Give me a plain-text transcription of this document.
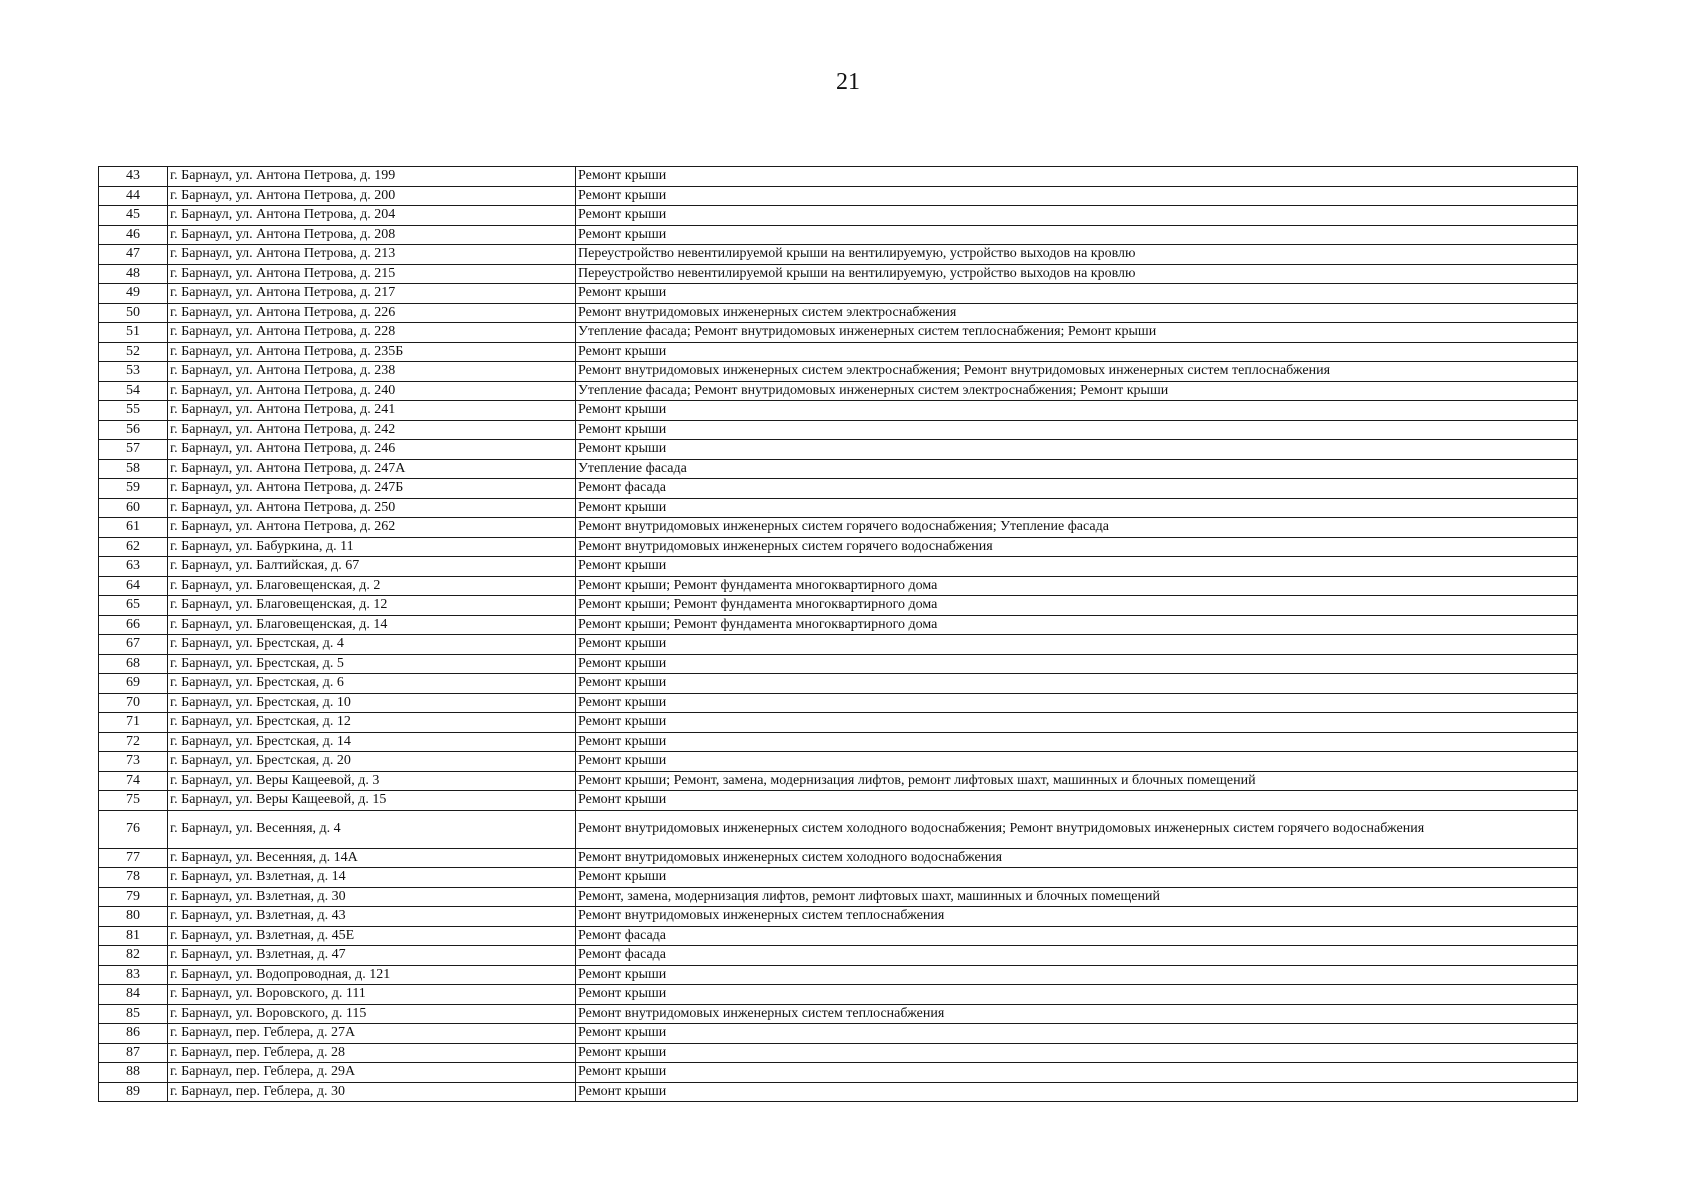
21
43	г. Барнаул, ул. Антона Петрова, д. 199	Ремонт крыши
44	г. Барнаул, ул. Антона Петрова, д. 200	Ремонт крыши
45	г. Барнаул, ул. Антона Петрова, д. 204	Ремонт крыши
46	г. Барнаул, ул. Антона Петрова, д. 208	Ремонт крыши
47	г. Барнаул, ул. Антона Петрова, д. 213	Переустройство невентилируемой крыши на вентилируемую, устройство выходов на кровлю
48	г. Барнаул, ул. Антона Петрова, д. 215	Переустройство невентилируемой крыши на вентилируемую, устройство выходов на кровлю
49	г. Барнаул, ул. Антона Петрова, д. 217	Ремонт крыши
50	г. Барнаул, ул. Антона Петрова, д. 226	Ремонт внутридомовых инженерных систем электроснабжения
51	г. Барнаул, ул. Антона Петрова, д. 228	Утепление фасада; Ремонт внутридомовых инженерных систем теплоснабжения; Ремонт крыши
52	г. Барнаул, ул. Антона Петрова, д. 235Б	Ремонт крыши
53	г. Барнаул, ул. Антона Петрова, д. 238	Ремонт внутридомовых инженерных систем электроснабжения; Ремонт внутридомовых инженерных систем теплоснабжения
54	г. Барнаул, ул. Антона Петрова, д. 240	Утепление фасада; Ремонт внутридомовых инженерных систем электроснабжения; Ремонт крыши
55	г. Барнаул, ул. Антона Петрова, д. 241	Ремонт крыши
56	г. Барнаул, ул. Антона Петрова, д. 242	Ремонт крыши
57	г. Барнаул, ул. Антона Петрова, д. 246	Ремонт крыши
58	г. Барнаул, ул. Антона Петрова, д. 247А	Утепление фасада
59	г. Барнаул, ул. Антона Петрова, д. 247Б	Ремонт фасада
60	г. Барнаул, ул. Антона Петрова, д. 250	Ремонт крыши
61	г. Барнаул, ул. Антона Петрова, д. 262	Ремонт внутридомовых инженерных систем горячего водоснабжения; Утепление фасада
62	г. Барнаул, ул. Бабуркина, д. 11	Ремонт внутридомовых инженерных систем горячего водоснабжения
63	г. Барнаул, ул. Балтийская, д. 67	Ремонт крыши
64	г. Барнаул, ул. Благовещенская, д. 2	Ремонт крыши; Ремонт фундамента многоквартирного дома
65	г. Барнаул, ул. Благовещенская, д. 12	Ремонт крыши; Ремонт фундамента многоквартирного дома
66	г. Барнаул, ул. Благовещенская, д. 14	Ремонт крыши; Ремонт фундамента многоквартирного дома
67	г. Барнаул, ул. Брестская, д. 4	Ремонт крыши
68	г. Барнаул, ул. Брестская, д. 5	Ремонт крыши
69	г. Барнаул, ул. Брестская, д. 6	Ремонт крыши
70	г. Барнаул, ул. Брестская, д. 10	Ремонт крыши
71	г. Барнаул, ул. Брестская, д. 12	Ремонт крыши
72	г. Барнаул, ул. Брестская, д. 14	Ремонт крыши
73	г. Барнаул, ул. Брестская, д. 20	Ремонт крыши
74	г. Барнаул, ул. Веры Кащеевой, д. 3	Ремонт крыши; Ремонт, замена, модернизация лифтов, ремонт лифтовых шахт, машинных и блочных помещений
75	г. Барнаул, ул. Веры Кащеевой, д. 15	Ремонт крыши
76	г. Барнаул, ул. Весенняя, д. 4	Ремонт внутридомовых инженерных систем холодного водоснабжения; Ремонт внутридомовых инженерных систем горячего водоснабжения
77	г. Барнаул, ул. Весенняя, д. 14А	Ремонт внутридомовых инженерных систем холодного водоснабжения
78	г. Барнаул, ул. Взлетная, д. 14	Ремонт крыши
79	г. Барнаул, ул. Взлетная, д. 30	Ремонт, замена, модернизация лифтов, ремонт лифтовых шахт, машинных и блочных помещений
80	г. Барнаул, ул. Взлетная, д. 43	Ремонт внутридомовых инженерных систем теплоснабжения
81	г. Барнаул, ул. Взлетная, д. 45Е	Ремонт фасада
82	г. Барнаул, ул. Взлетная, д. 47	Ремонт фасада
83	г. Барнаул, ул. Водопроводная, д. 121	Ремонт крыши
84	г. Барнаул, ул. Воровского, д. 111	Ремонт крыши
85	г. Барнаул, ул. Воровского, д. 115	Ремонт внутридомовых инженерных систем теплоснабжения
86	г. Барнаул, пер. Геблера, д. 27А	Ремонт крыши
87	г. Барнаул, пер. Геблера, д. 28	Ремонт крыши
88	г. Барнаул, пер. Геблера, д. 29А	Ремонт крыши
89	г. Барнаул, пер. Геблера, д. 30	Ремонт крыши
